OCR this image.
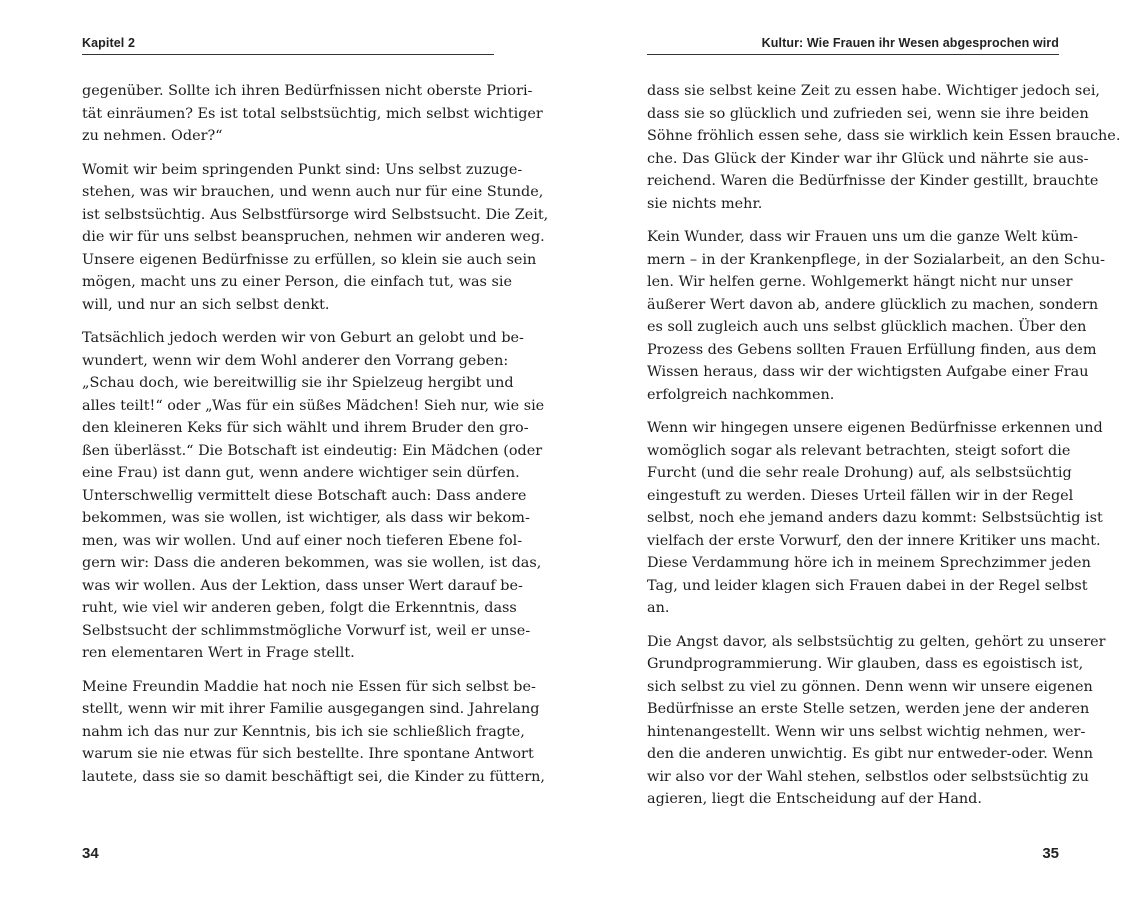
Kapitel 2
gegenüber. Sollte ich ihren Bedürfnissen nicht oberste Priori-
tät einräumen? Es ist total selbstsüchtig, mich selbst wichtiger
zu nehmen. Oder?“
Womit wir beim springenden Punkt sind: Uns selbst zuzuge-
stehen, was wir brauchen, und wenn auch nur für eine Stunde,
ist selbstsüchtig. Aus Selbstfürsorge wird Selbstsucht. Die Zeit,
die wir für uns selbst beanspruchen, nehmen wir anderen weg.
Unsere eigenen Bedürfnisse zu erfüllen, so klein sie auch sein
mögen, macht uns zu einer Person, die einfach tut, was sie
will, und nur an sich selbst denkt.
Tatsächlich jedoch werden wir von Geburt an gelobt und be-
wundert, wenn wir dem Wohl anderer den Vorrang geben:
„Schau doch, wie bereitwillig sie ihr Spielzeug hergibt und
alles teilt!“ oder „Was für ein süßes Mädchen! Sieh nur, wie sie
den kleineren Keks für sich wählt und ihrem Bruder den gro-
ßen überlässt.“ Die Botschaft ist eindeutig: Ein Mädchen (oder
eine Frau) ist dann gut, wenn andere wichtiger sein dürfen.
Unterschwellig vermittelt diese Botschaft auch: Dass andere
bekommen, was sie wollen, ist wichtiger, als dass wir bekom-
men, was wir wollen. Und auf einer noch tieferen Ebene fol-
gern wir: Dass die anderen bekommen, was sie wollen, ist das,
was wir wollen. Aus der Lektion, dass unser Wert darauf be-
ruht, wie viel wir anderen geben, folgt die Erkenntnis, dass
Selbstsucht der schlimmstmögliche Vorwurf ist, weil er unse-
ren elementaren Wert in Frage stellt.
Meine Freundin Maddie hat noch nie Essen für sich selbst be-
stellt, wenn wir mit ihrer Familie ausgegangen sind. Jahrelang
nahm ich das nur zur Kenntnis, bis ich sie schließlich fragte,
warum sie nie etwas für sich bestellte. Ihre spontane Antwort
lautete, dass sie so damit beschäftigt sei, die Kinder zu füttern,
34
Kultur: Wie Frauen ihr Wesen abgesprochen wird
dass sie selbst keine Zeit zu essen habe. Wichtiger jedoch sei,
dass sie so glücklich und zufrieden sei, wenn sie ihre beiden
Söhne fröhlich essen sehe, dass sie wirklich kein Essen brauche.
che. Das Glück der Kinder war ihr Glück und nährte sie aus-
reichend. Waren die Bedürfnisse der Kinder gestillt, brauchte
sie nichts mehr.
Kein Wunder, dass wir Frauen uns um die ganze Welt küm-
mern – in der Krankenpflege, in der Sozialarbeit, an den Schu-
len. Wir helfen gerne. Wohlgemerkt hängt nicht nur unser
äußerer Wert davon ab, andere glücklich zu machen, sondern
es soll zugleich auch uns selbst glücklich machen. Über den
Prozess des Gebens sollten Frauen Erfüllung finden, aus dem
Wissen heraus, dass wir der wichtigsten Aufgabe einer Frau
erfolgreich nachkommen.
Wenn wir hingegen unsere eigenen Bedürfnisse erkennen und
womöglich sogar als relevant betrachten, steigt sofort die
Furcht (und die sehr reale Drohung) auf, als selbstsüchtig
eingestuft zu werden. Dieses Urteil fällen wir in der Regel
selbst, noch ehe jemand anders dazu kommt: Selbstsüchtig ist
vielfach der erste Vorwurf, den der innere Kritiker uns macht.
Diese Verdammung höre ich in meinem Sprechzimmer jeden
Tag, und leider klagen sich Frauen dabei in der Regel selbst
an.
Die Angst davor, als selbstsüchtig zu gelten, gehört zu unserer
Grundprogrammierung. Wir glauben, dass es egoistisch ist,
sich selbst zu viel zu gönnen. Denn wenn wir unsere eigenen
Bedürfnisse an erste Stelle setzen, werden jene der anderen
hintenangestellt. Wenn wir uns selbst wichtig nehmen, wer-
den die anderen unwichtig. Es gibt nur entweder-oder. Wenn
wir also vor der Wahl stehen, selbstlos oder selbstsüchtig zu
agieren, liegt die Entscheidung auf der Hand.
35
